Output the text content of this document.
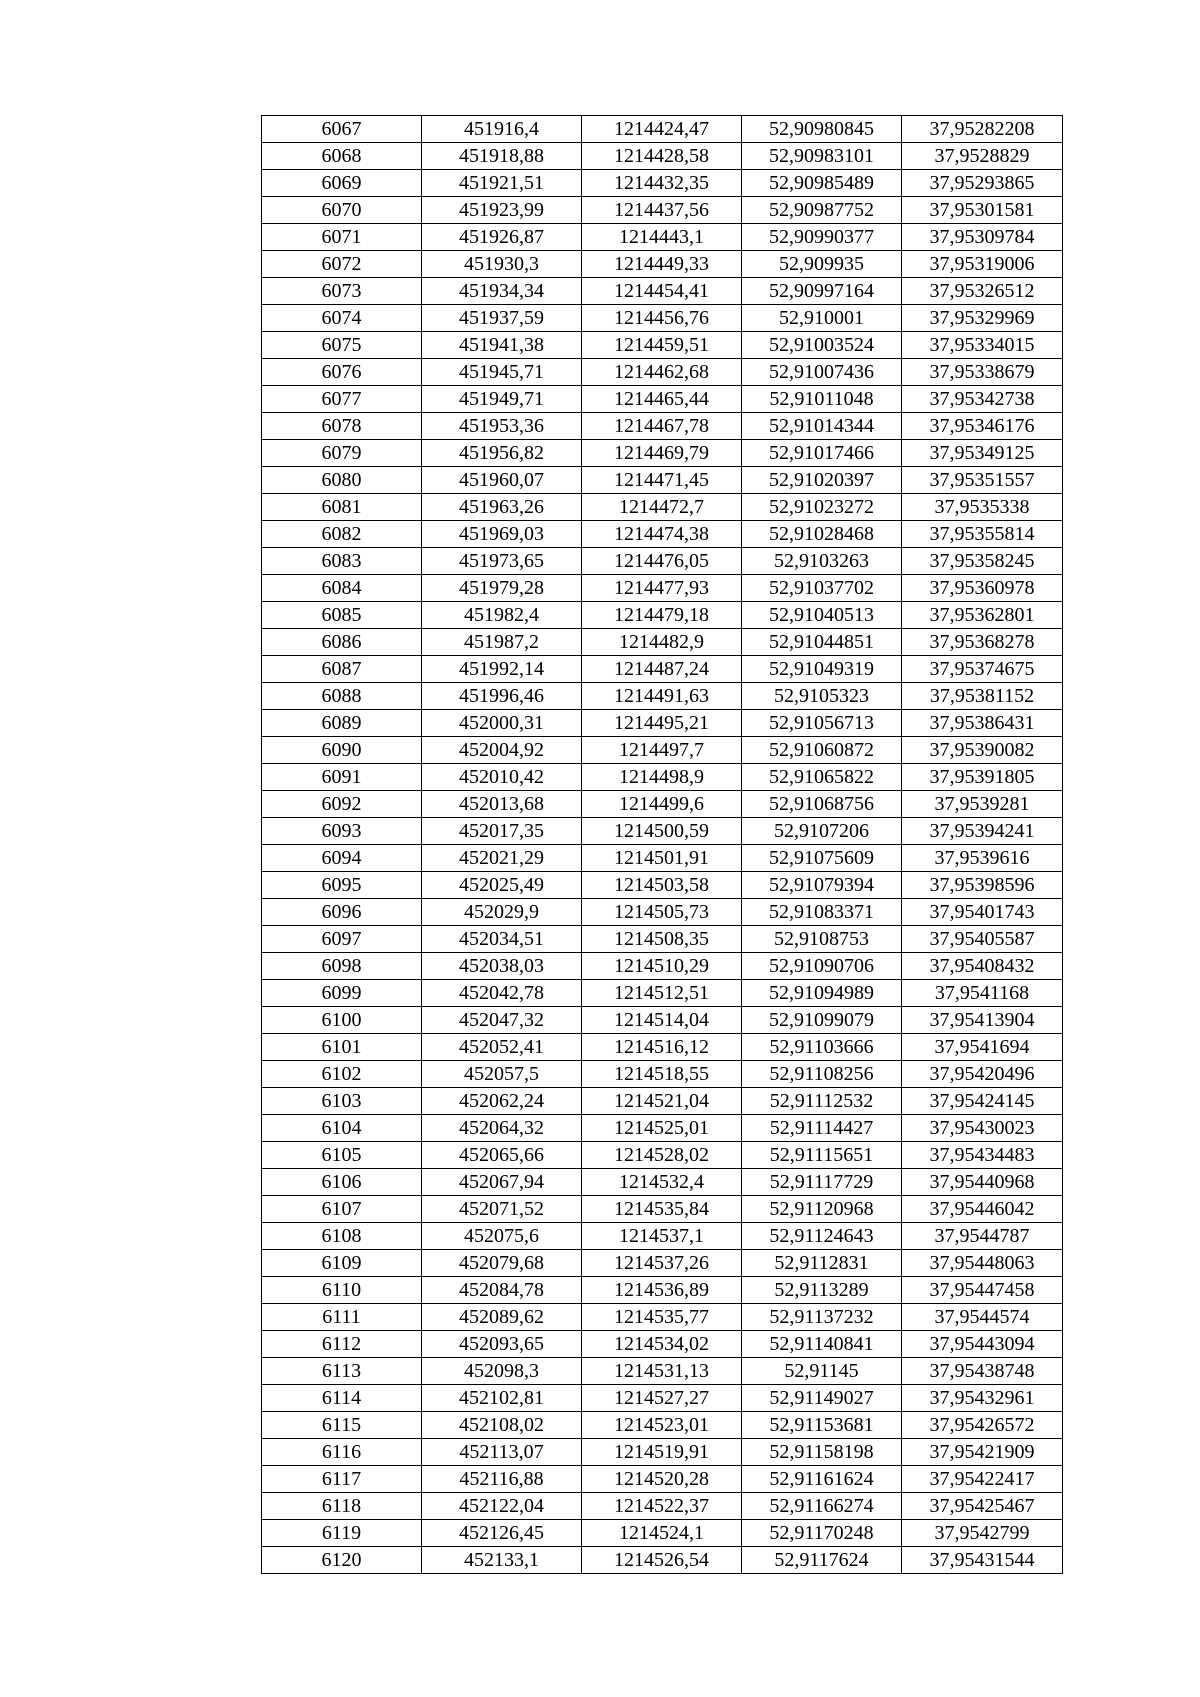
6067	451916,4	1214424,47	52,90980845	37,95282208
6068	451918,88	1214428,58	52,90983101	37,9528829
6069	451921,51	1214432,35	52,90985489	37,95293865
6070	451923,99	1214437,56	52,90987752	37,95301581
6071	451926,87	1214443,1	52,90990377	37,95309784
6072	451930,3	1214449,33	52,909935	37,95319006
6073	451934,34	1214454,41	52,90997164	37,95326512
6074	451937,59	1214456,76	52,910001	37,95329969
6075	451941,38	1214459,51	52,91003524	37,95334015
6076	451945,71	1214462,68	52,91007436	37,95338679
6077	451949,71	1214465,44	52,91011048	37,95342738
6078	451953,36	1214467,78	52,91014344	37,95346176
6079	451956,82	1214469,79	52,91017466	37,95349125
6080	451960,07	1214471,45	52,91020397	37,95351557
6081	451963,26	1214472,7	52,91023272	37,9535338
6082	451969,03	1214474,38	52,91028468	37,95355814
6083	451973,65	1214476,05	52,9103263	37,95358245
6084	451979,28	1214477,93	52,91037702	37,95360978
6085	451982,4	1214479,18	52,91040513	37,95362801
6086	451987,2	1214482,9	52,91044851	37,95368278
6087	451992,14	1214487,24	52,91049319	37,95374675
6088	451996,46	1214491,63	52,9105323	37,95381152
6089	452000,31	1214495,21	52,91056713	37,95386431
6090	452004,92	1214497,7	52,91060872	37,95390082
6091	452010,42	1214498,9	52,91065822	37,95391805
6092	452013,68	1214499,6	52,91068756	37,9539281
6093	452017,35	1214500,59	52,9107206	37,95394241
6094	452021,29	1214501,91	52,91075609	37,9539616
6095	452025,49	1214503,58	52,91079394	37,95398596
6096	452029,9	1214505,73	52,91083371	37,95401743
6097	452034,51	1214508,35	52,9108753	37,95405587
6098	452038,03	1214510,29	52,91090706	37,95408432
6099	452042,78	1214512,51	52,91094989	37,9541168
6100	452047,32	1214514,04	52,91099079	37,95413904
6101	452052,41	1214516,12	52,91103666	37,9541694
6102	452057,5	1214518,55	52,91108256	37,95420496
6103	452062,24	1214521,04	52,91112532	37,95424145
6104	452064,32	1214525,01	52,91114427	37,95430023
6105	452065,66	1214528,02	52,91115651	37,95434483
6106	452067,94	1214532,4	52,91117729	37,95440968
6107	452071,52	1214535,84	52,91120968	37,95446042
6108	452075,6	1214537,1	52,91124643	37,9544787
6109	452079,68	1214537,26	52,9112831	37,95448063
6110	452084,78	1214536,89	52,9113289	37,95447458
6111	452089,62	1214535,77	52,91137232	37,9544574
6112	452093,65	1214534,02	52,91140841	37,95443094
6113	452098,3	1214531,13	52,91145	37,95438748
6114	452102,81	1214527,27	52,91149027	37,95432961
6115	452108,02	1214523,01	52,91153681	37,95426572
6116	452113,07	1214519,91	52,91158198	37,95421909
6117	452116,88	1214520,28	52,91161624	37,95422417
6118	452122,04	1214522,37	52,91166274	37,95425467
6119	452126,45	1214524,1	52,91170248	37,9542799
6120	452133,1	1214526,54	52,9117624	37,95431544
